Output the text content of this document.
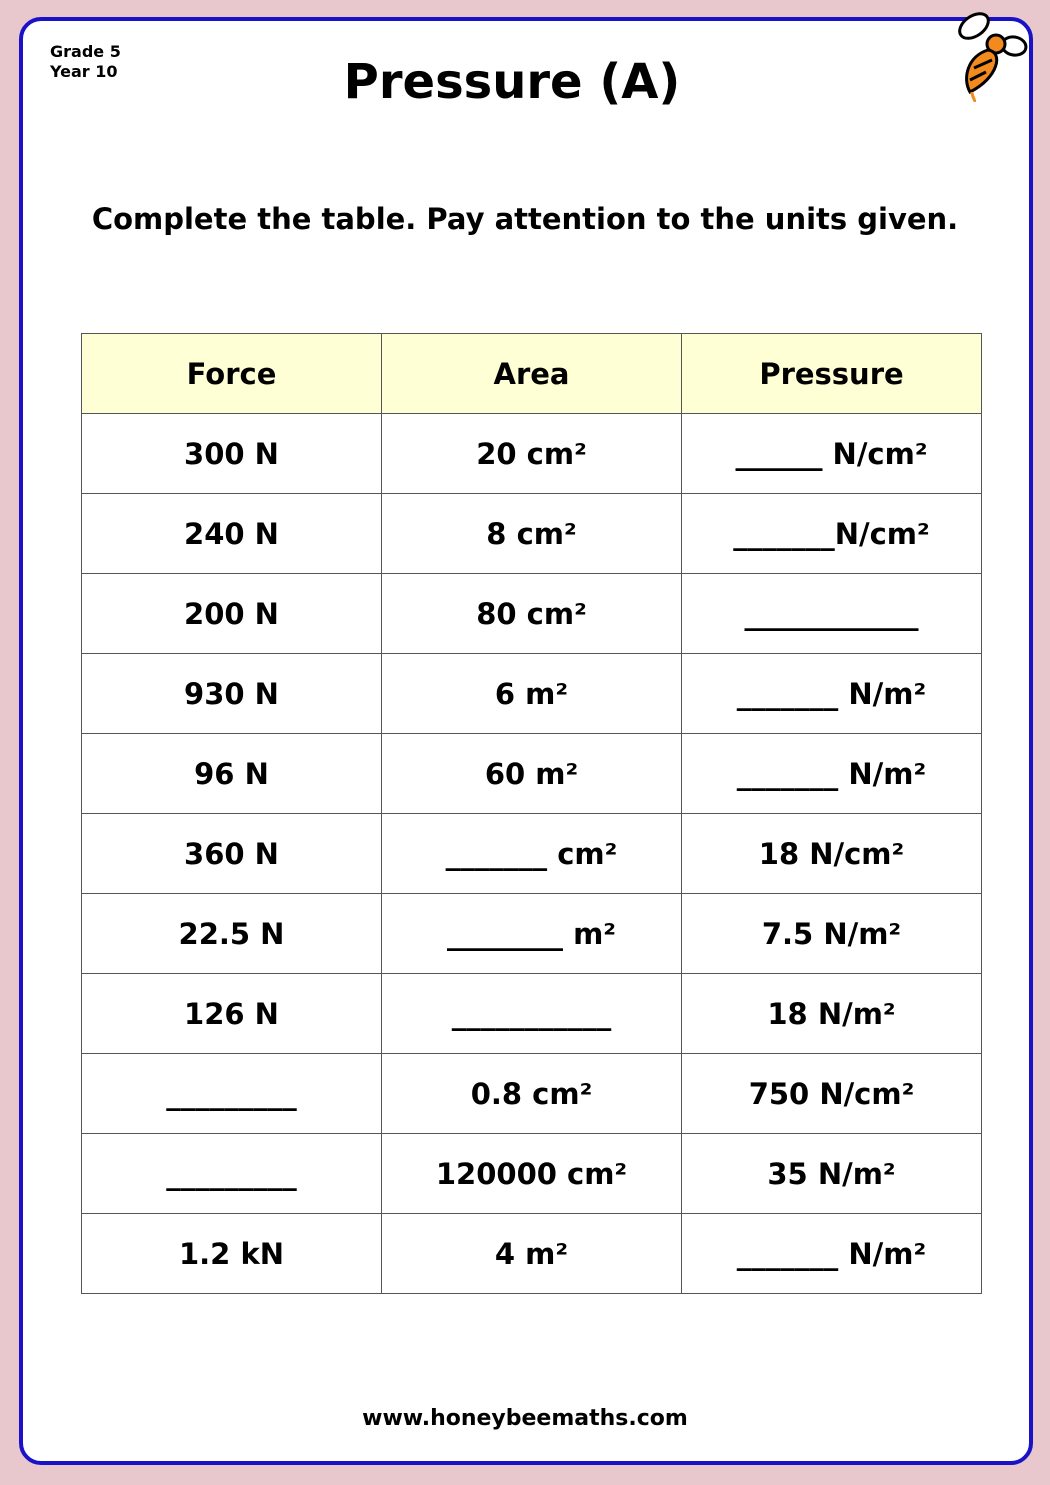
Grade 5
Year 10	Pressure (A)
Complete the table. Pay attention to the units given.
Force	Area	Pressure
300 N	20 cm²	______ N/cm²
240 N	8 cm²	_______N/cm²
200 N	80 cm²	____________
930 N	6 m²	_______ N/m²
96 N	60 m²	_______ N/m²
360 N	_______ cm²	18 N/cm²
22.5 N	________ m²	7.5 N/m²
126 N	___________	18 N/m²
_________	0.8 cm²	750 N/cm²
_________	120000 cm²	35 N/m²
1.2 kN	4 m²	_______ N/m²
www.honeybeemaths.com
